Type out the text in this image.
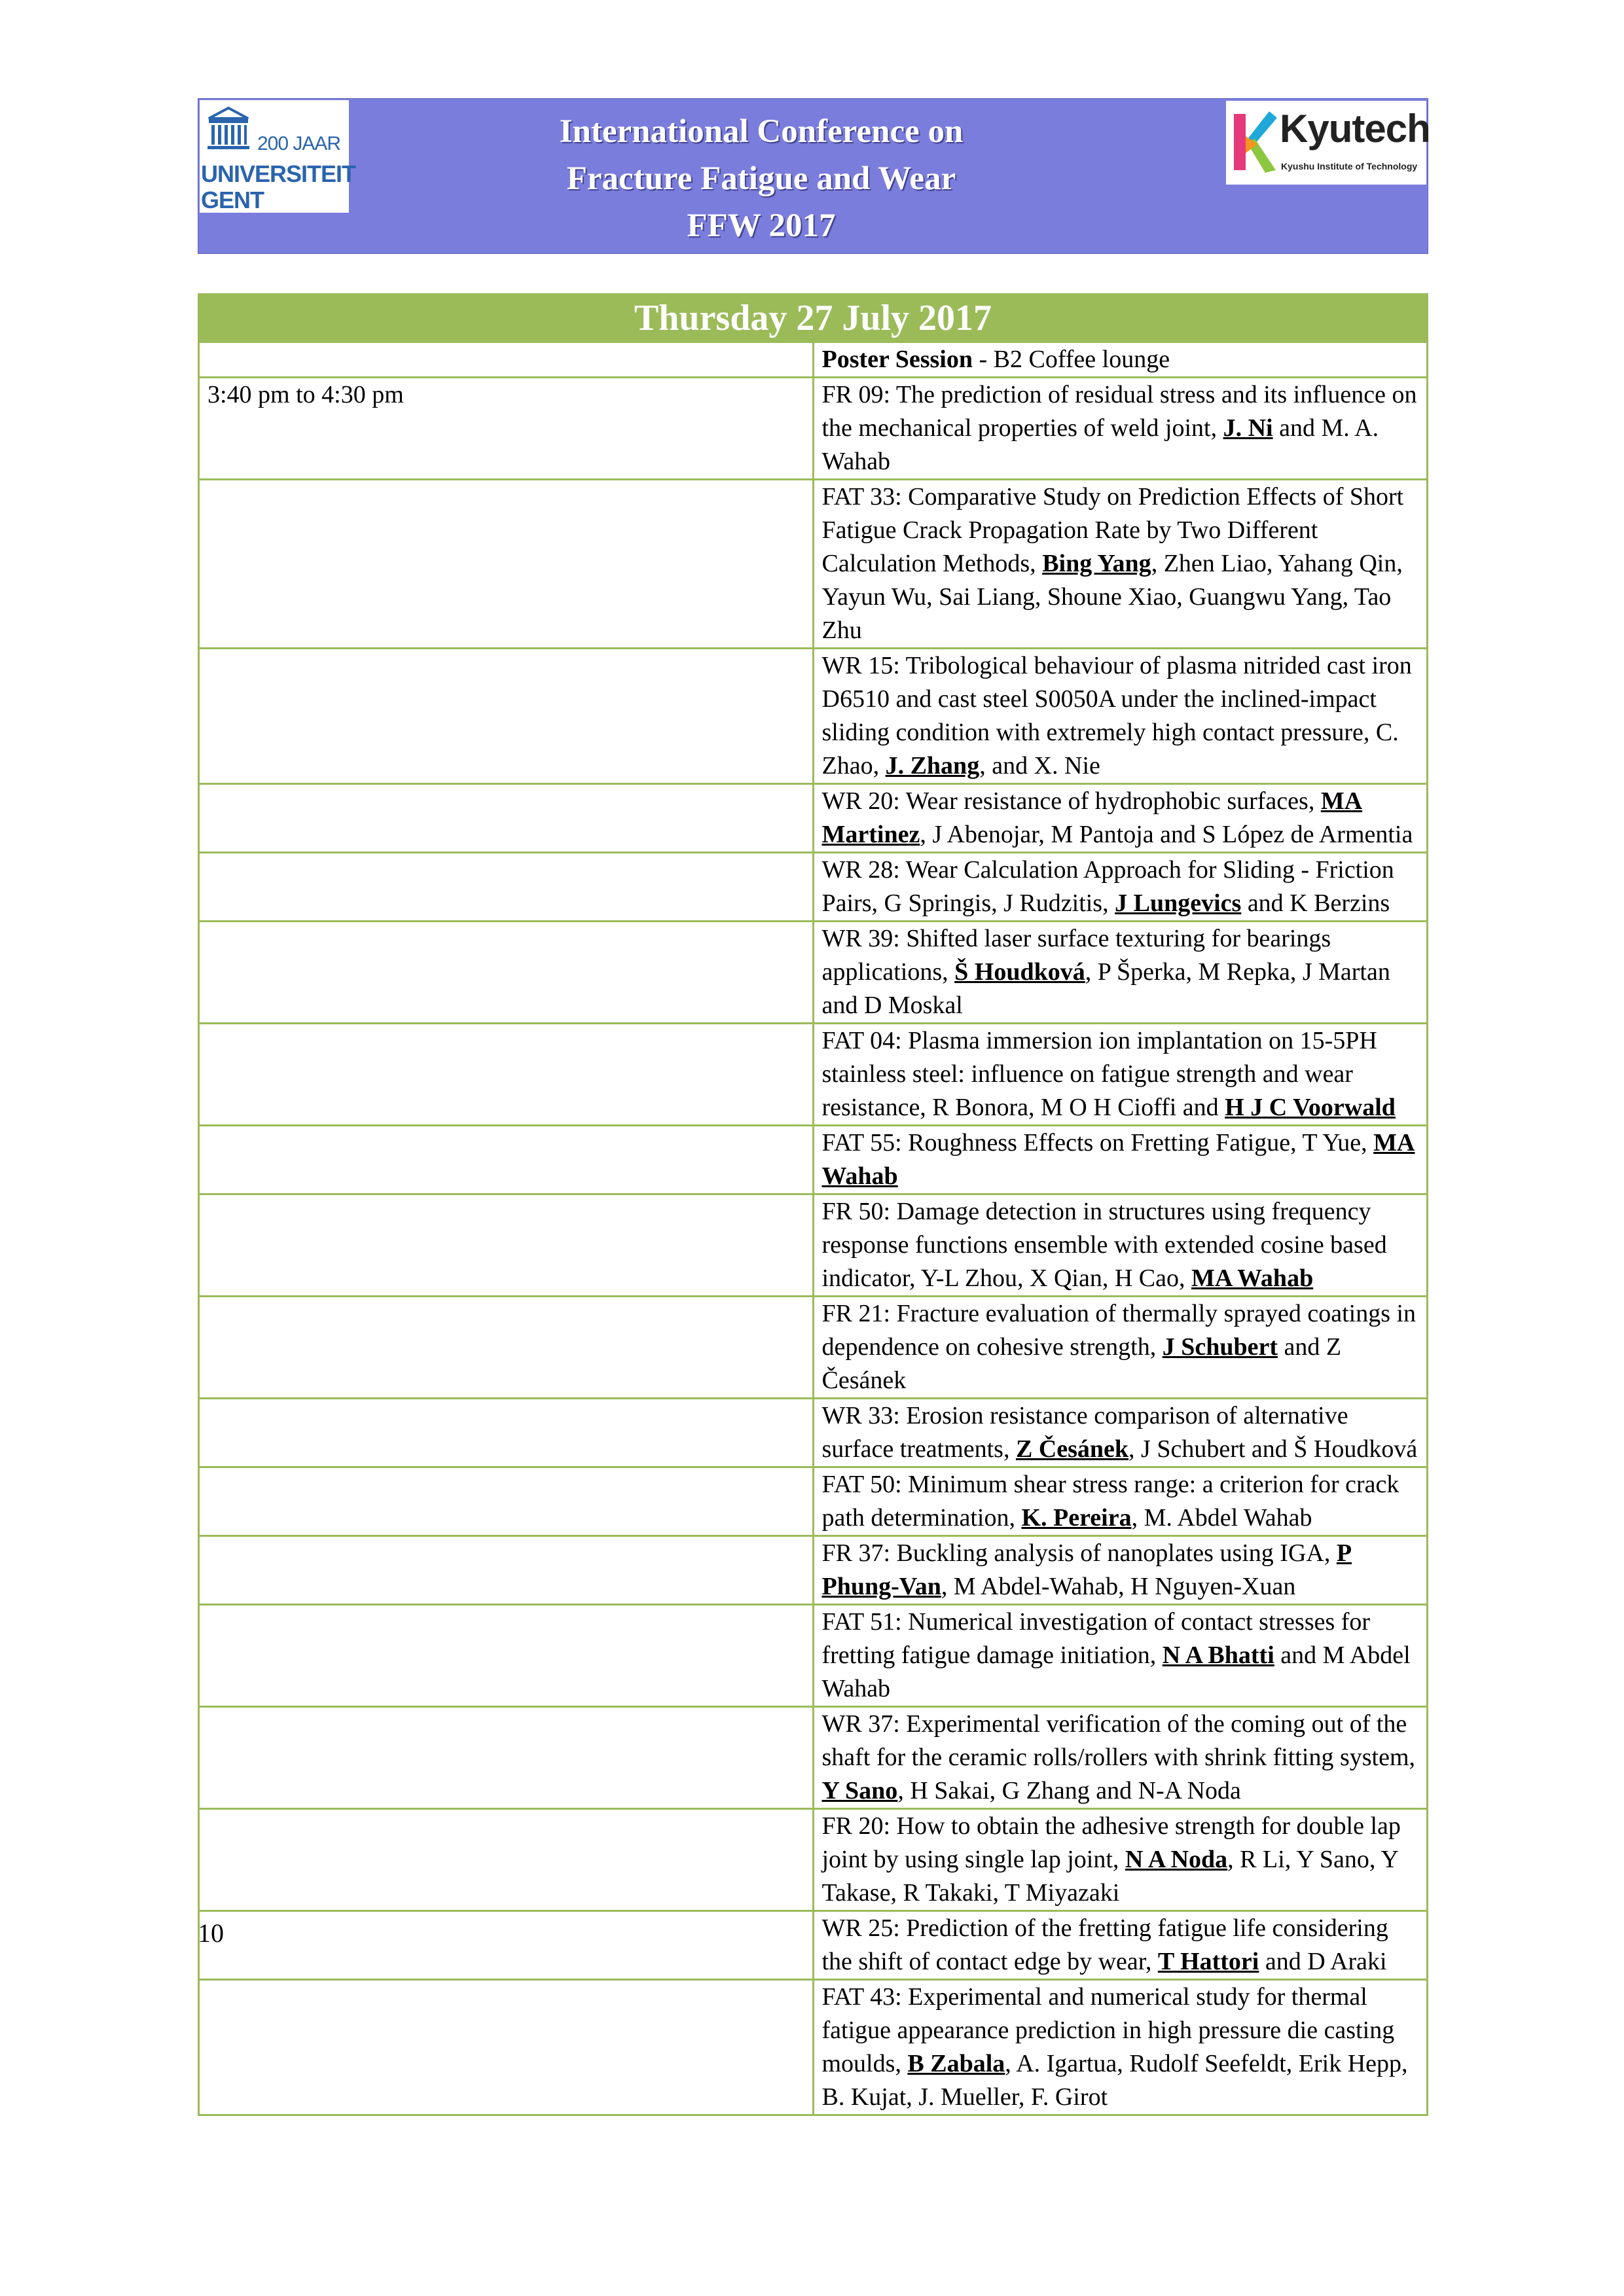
200 JAAR
UNIVERSITEIT
GENT
International Conference on
Fracture Fatigue and Wear
FFW 2017
Kyutech
Kyushu Institute of Technology
Thursday 27 July 2017	
	Poster Session - B2 Coffee lounge
3:40 pm to 4:30 pm	FR 09: The prediction of residual stress and its influence on the mechanical properties of weld joint, J. Ni and M. A. Wahab
	FAT 33: Comparative Study on Prediction Effects of Short Fatigue Crack Propagation Rate by Two Different Calculation Methods, Bing Yang, Zhen Liao, Yahang Qin, Yayun Wu, Sai Liang, Shoune Xiao, Guangwu Yang, Tao Zhu
	WR 15: Tribological behaviour of plasma nitrided cast iron D6510 and cast steel S0050A under the inclined-impact sliding condition with extremely high contact pressure, C. Zhao, J. Zhang, and X. Nie
	WR 20: Wear resistance of hydrophobic surfaces, MA Martinez, J Abenojar, M Pantoja and S López de Armentia
	WR 28: Wear Calculation Approach for Sliding - Friction Pairs, G Springis, J Rudzitis, J Lungevics and K Berzins
	WR 39: Shifted laser surface texturing for bearings applications, Š Houdková, P Šperka, M Repka, J Martan and D Moskal
	FAT 04: Plasma immersion ion implantation on 15-5PH stainless steel: influence on fatigue strength and wear resistance, R Bonora, M O H Cioffi and H J C Voorwald
	FAT 55: Roughness Effects on Fretting Fatigue, T Yue, MA Wahab
	FR 50: Damage detection in structures using frequency response functions ensemble with extended cosine based indicator, Y-L Zhou, X Qian, H Cao, MA Wahab
	FR 21: Fracture evaluation of thermally sprayed coatings in dependence on cohesive strength, J Schubert and Z Česánek
	WR 33: Erosion resistance comparison of alternative surface treatments, Z Česánek, J Schubert and Š Houdková
	FAT 50: Minimum shear stress range: a criterion for crack path determination, K. Pereira, M. Abdel Wahab
	FR 37: Buckling analysis of nanoplates using IGA, P Phung-Van, M Abdel-Wahab, H Nguyen-Xuan
	FAT 51: Numerical investigation of contact stresses for fretting fatigue damage initiation, N A Bhatti and M Abdel Wahab
	WR 37: Experimental verification of the coming out of the shaft for the ceramic rolls/rollers with shrink fitting system, Y Sano, H Sakai, G Zhang and N-A Noda
	FR 20: How to obtain the adhesive strength for double lap joint by using single lap joint, N A Noda, R Li, Y Sano, Y Takase, R Takaki, T Miyazaki
	WR 25: Prediction of the fretting fatigue life considering the shift of contact edge by wear, T Hattori and D Araki
	FAT 43: Experimental and numerical study for thermal fatigue appearance prediction in high pressure die casting moulds, B Zabala, A. Igartua, Rudolf Seefeldt, Erik Hepp, B. Kujat, J. Mueller, F. Girot
10
